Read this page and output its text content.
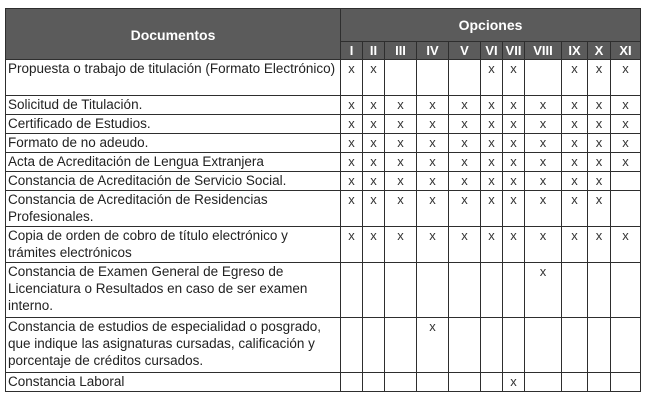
Documentos	Opciones										
	I	II	III	IV	V	VI	VII	VIII	IX	X	XI
Propuesta o trabajo de titulación (Formato Electrónico)	x	x				x	x		x	x	x
Solicitud de Titulación.	x	x	x	x	x	x	x	x	x	x	x
Certificado de Estudios.	x	x	x	x	x	x	x	x	x	x	x
Formato de no adeudo.	x	x	x	x	x	x	x	x	x	x	x
Acta de Acreditación de Lengua Extranjera	x	x	x	x	x	x	x	x	x	x	x
Constancia de Acreditación de Servicio Social.	x	x	x	x	x	x	x	x	x	x	
Constancia de Acreditación de Residencias Profesionales.	x	x	x	x	x	x	x	x	x	x	
Copia de orden de cobro de título electrónico y trámites electrónicos	x	x	x	x	x	x	x	x	x	x	x
Constancia de Examen General de Egreso de Licenciatura o Resultados en caso de ser examen interno.								x			
Constancia de estudios de especialidad o posgrado, que indique las asignaturas cursadas, calificación y porcentaje de créditos cursados.				x							
Constancia Laboral							x				
